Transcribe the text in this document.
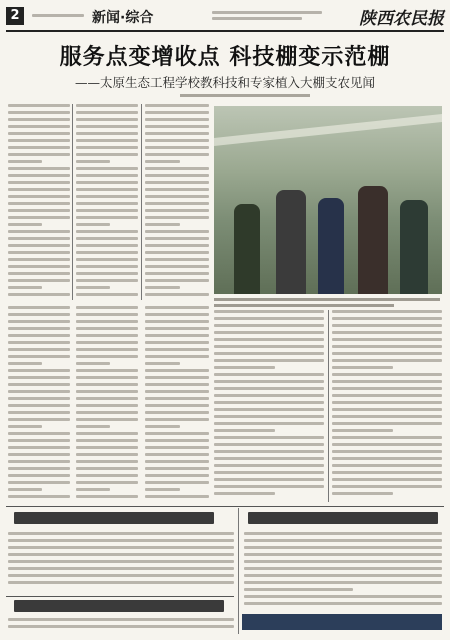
2	新闻·综合	陕西农民报
服务点变增收点 科技棚变示范棚
——太原生态工程学校教科技和专家植入大棚支农见闻
